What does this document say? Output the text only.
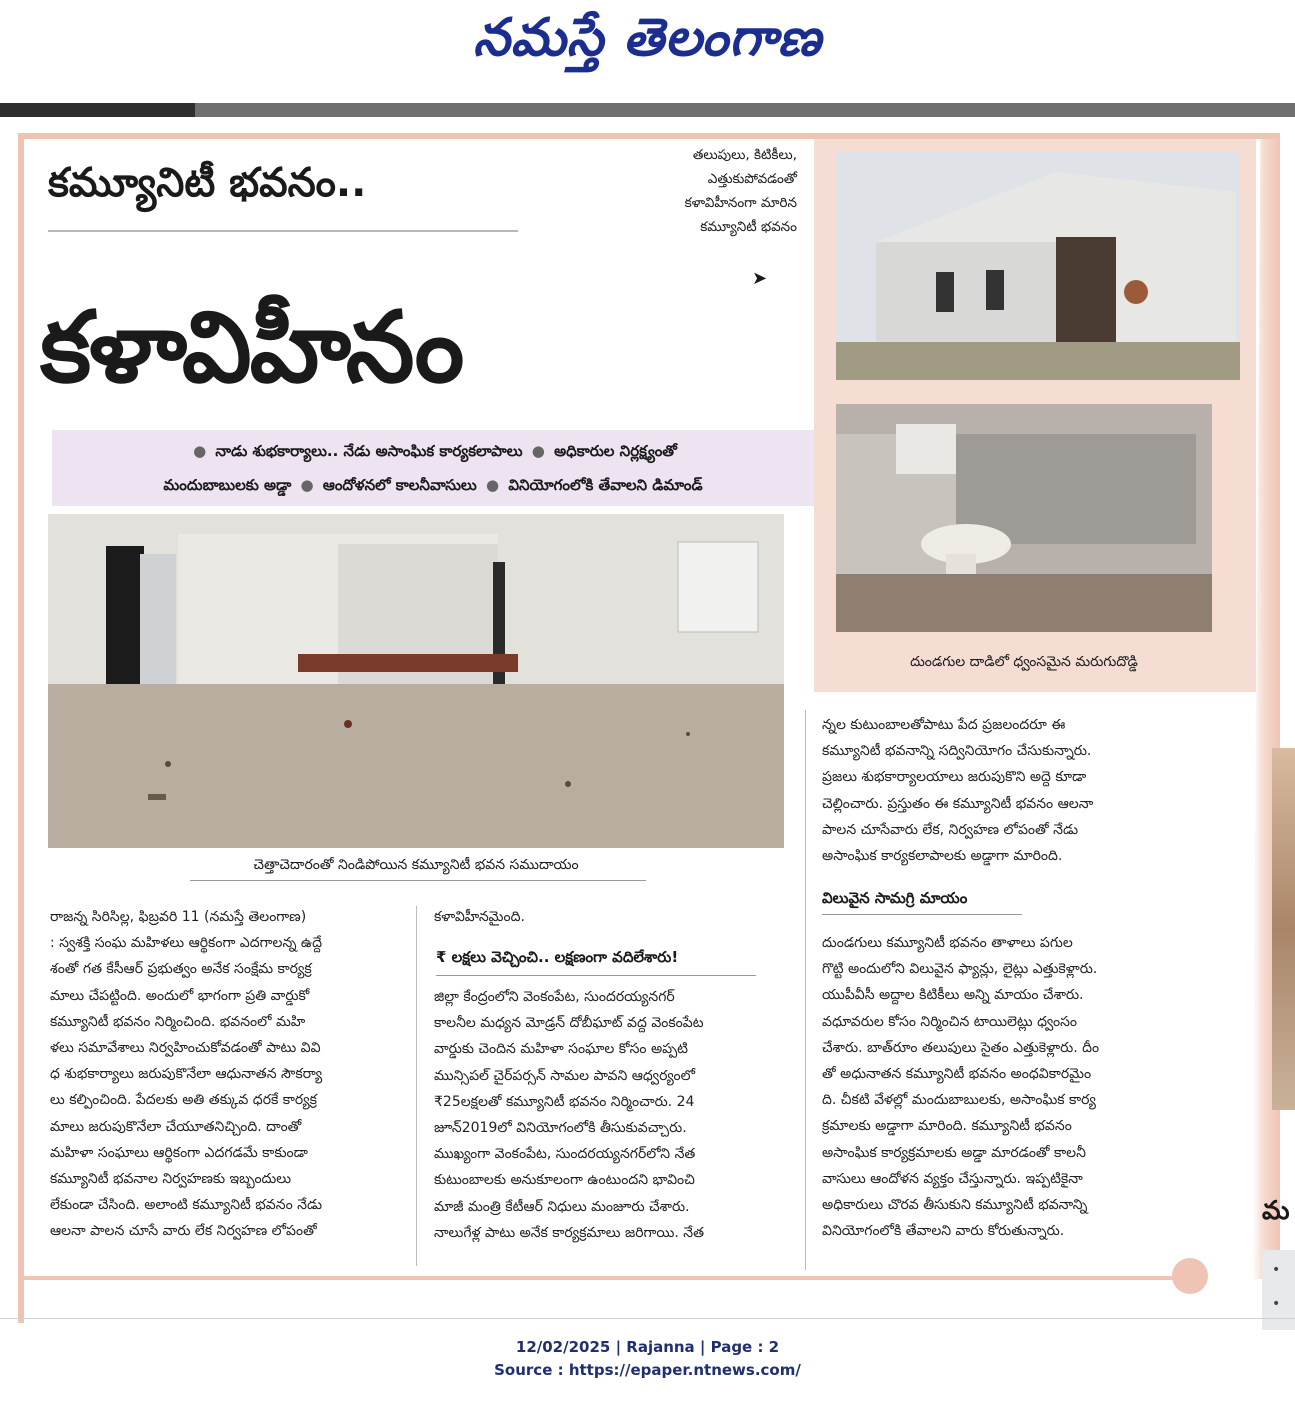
నమస్తే తెలంగాణ
కమ్యూనిటీ భవనం..
తలుపులు, కిటికీలు,
ఎత్తుకుపోవడంతో
కళావిహీనంగా మారిన
కమ్యూనిటీ భవనం
➤
కళావిహీనం
● నాడు శుభకార్యాలు.. నేడు అసాంఘిక కార్యకలాపాలు ● అధికారుల నిర్లక్ష్యంతో
మందుబాబులకు అడ్డా ● ఆందోళనలో కాలనీవాసులు ● వినియోగంలోకి తేవాలని డిమాండ్
చెత్తాచెదారంతో నిండిపోయిన కమ్యూనిటీ భవన సముదాయం
దుండగుల దాడిలో ధ్వంసమైన మరుగుదొడ్డి
రాజన్న సిరిసిల్ల, ఫిబ్రవరి 11 (నమస్తే తెలంగాణ)
: స్వశక్తి సంఘ మహిళలు ఆర్థికంగా ఎదగాలన్న ఉద్దే
శంతో గత కేసీఆర్ ప్రభుత్వం అనేక సంక్షేమ కార్యక్ర
మాలు చేపట్టింది. అందులో భాగంగా ప్రతి వార్డుకో
కమ్యూనిటీ భవనం నిర్మించింది. భవనంలో మహి
ళలు సమావేశాలు నిర్వహించుకోవడంతో పాటు వివి
ధ శుభకార్యాలు జరుపుకొనేలా ఆధునాతన సౌకర్యా
లు కల్పించింది. పేదలకు అతి తక్కువ ధరకే కార్యక్ర
మాలు జరుపుకొనేలా చేయూతనిచ్చింది. దాంతో
మహిళా సంఘాలు ఆర్థికంగా ఎదగడమే కాకుండా
కమ్యూనిటీ భవనాల నిర్వహణకు ఇబ్బందులు
లేకుండా చేసింది. అలాంటి కమ్యూనిటీ భవనం నేడు
ఆలనా పాలన చూసే వారు లేక నిర్వహణ లోపంతో
కళావిహీనమైంది.
₹ లక్షలు వెచ్చించి.. లక్షణంగా వదిలేశారు!
జిల్లా కేంద్రంలోని వెంకంపేట, సుందరయ్యనగర్
కాలనీల మధ్యన మోడ్రన్ దోబీఘాట్ వద్ద వెంకంపేట
వార్డుకు చెందిన మహిళా సంఘాల కోసం అప్పటి
మున్సిపల్ చైర్‌పర్సన్ సామల పావని ఆధ్వర్యంలో
₹25లక్షలతో కమ్యూనిటీ భవనం నిర్మించారు. 24
జూన్2019లో వినియోగంలోకి తీసుకువచ్చారు.
ముఖ్యంగా వెంకంపేట, సుందరయ్యనగర్‌లోని నేత
కుటుంబాలకు అనుకూలంగా ఉంటుందని భావించి
మాజీ మంత్రి కేటీఆర్ నిధులు మంజూరు చేశారు.
నాలుగేళ్ల పాటు అనేక కార్యక్రమాలు జరిగాయి. నేత
న్నల కుటుంబాలతోపాటు పేద ప్రజలందరూ ఈ
కమ్యూనిటీ భవనాన్ని సద్వినియోగం చేసుకున్నారు.
ప్రజలు శుభకార్యాలయాలు జరుపుకొని అద్దె కూడా
చెల్లించారు. ప్రస్తుతం ఈ కమ్యూనిటీ భవనం ఆలనా
పాలన చూసేవారు లేక, నిర్వహణ లోపంతో నేడు
అసాంఘిక కార్యకలాపాలకు అడ్డాగా మారింది.
విలువైన సామగ్రి మాయం
దుండగులు కమ్యూనిటీ భవనం తాళాలు పగుల
గొట్టి అందులోని విలువైన ఫ్యాన్లు, లైట్లు ఎత్తుకెళ్లారు.
యుపీవీసీ అద్దాల కిటికీలు అన్ని మాయం చేశారు.
వధూవరుల కోసం నిర్మించిన టాయిలెట్లు ధ్వంసం
చేశారు. బాత్‌రూం తలుపులు సైతం ఎత్తుకెళ్లారు. దీం
తో అధునాతన కమ్యూనిటీ భవనం అంధవికారమైం
ది. చీకటి వేళల్లో మందుబాబులకు, అసాంఘిక కార్య
క్రమాలకు అడ్డాగా మారింది. కమ్యూనిటీ భవనం
అసాంఘిక కార్యక్రమాలకు అడ్డా మారడంతో కాలనీ
వాసులు ఆందోళన వ్యక్తం చేస్తున్నారు. ఇప్పటికైనా
అధికారులు చొరవ తీసుకుని కమ్యూనిటీ భవనాన్ని
వినియోగంలోకి తేవాలని వారు కోరుతున్నారు.
మ
•
•
12/02/2025 | Rajanna | Page : 2
Source : https://epaper.ntnews.com/
